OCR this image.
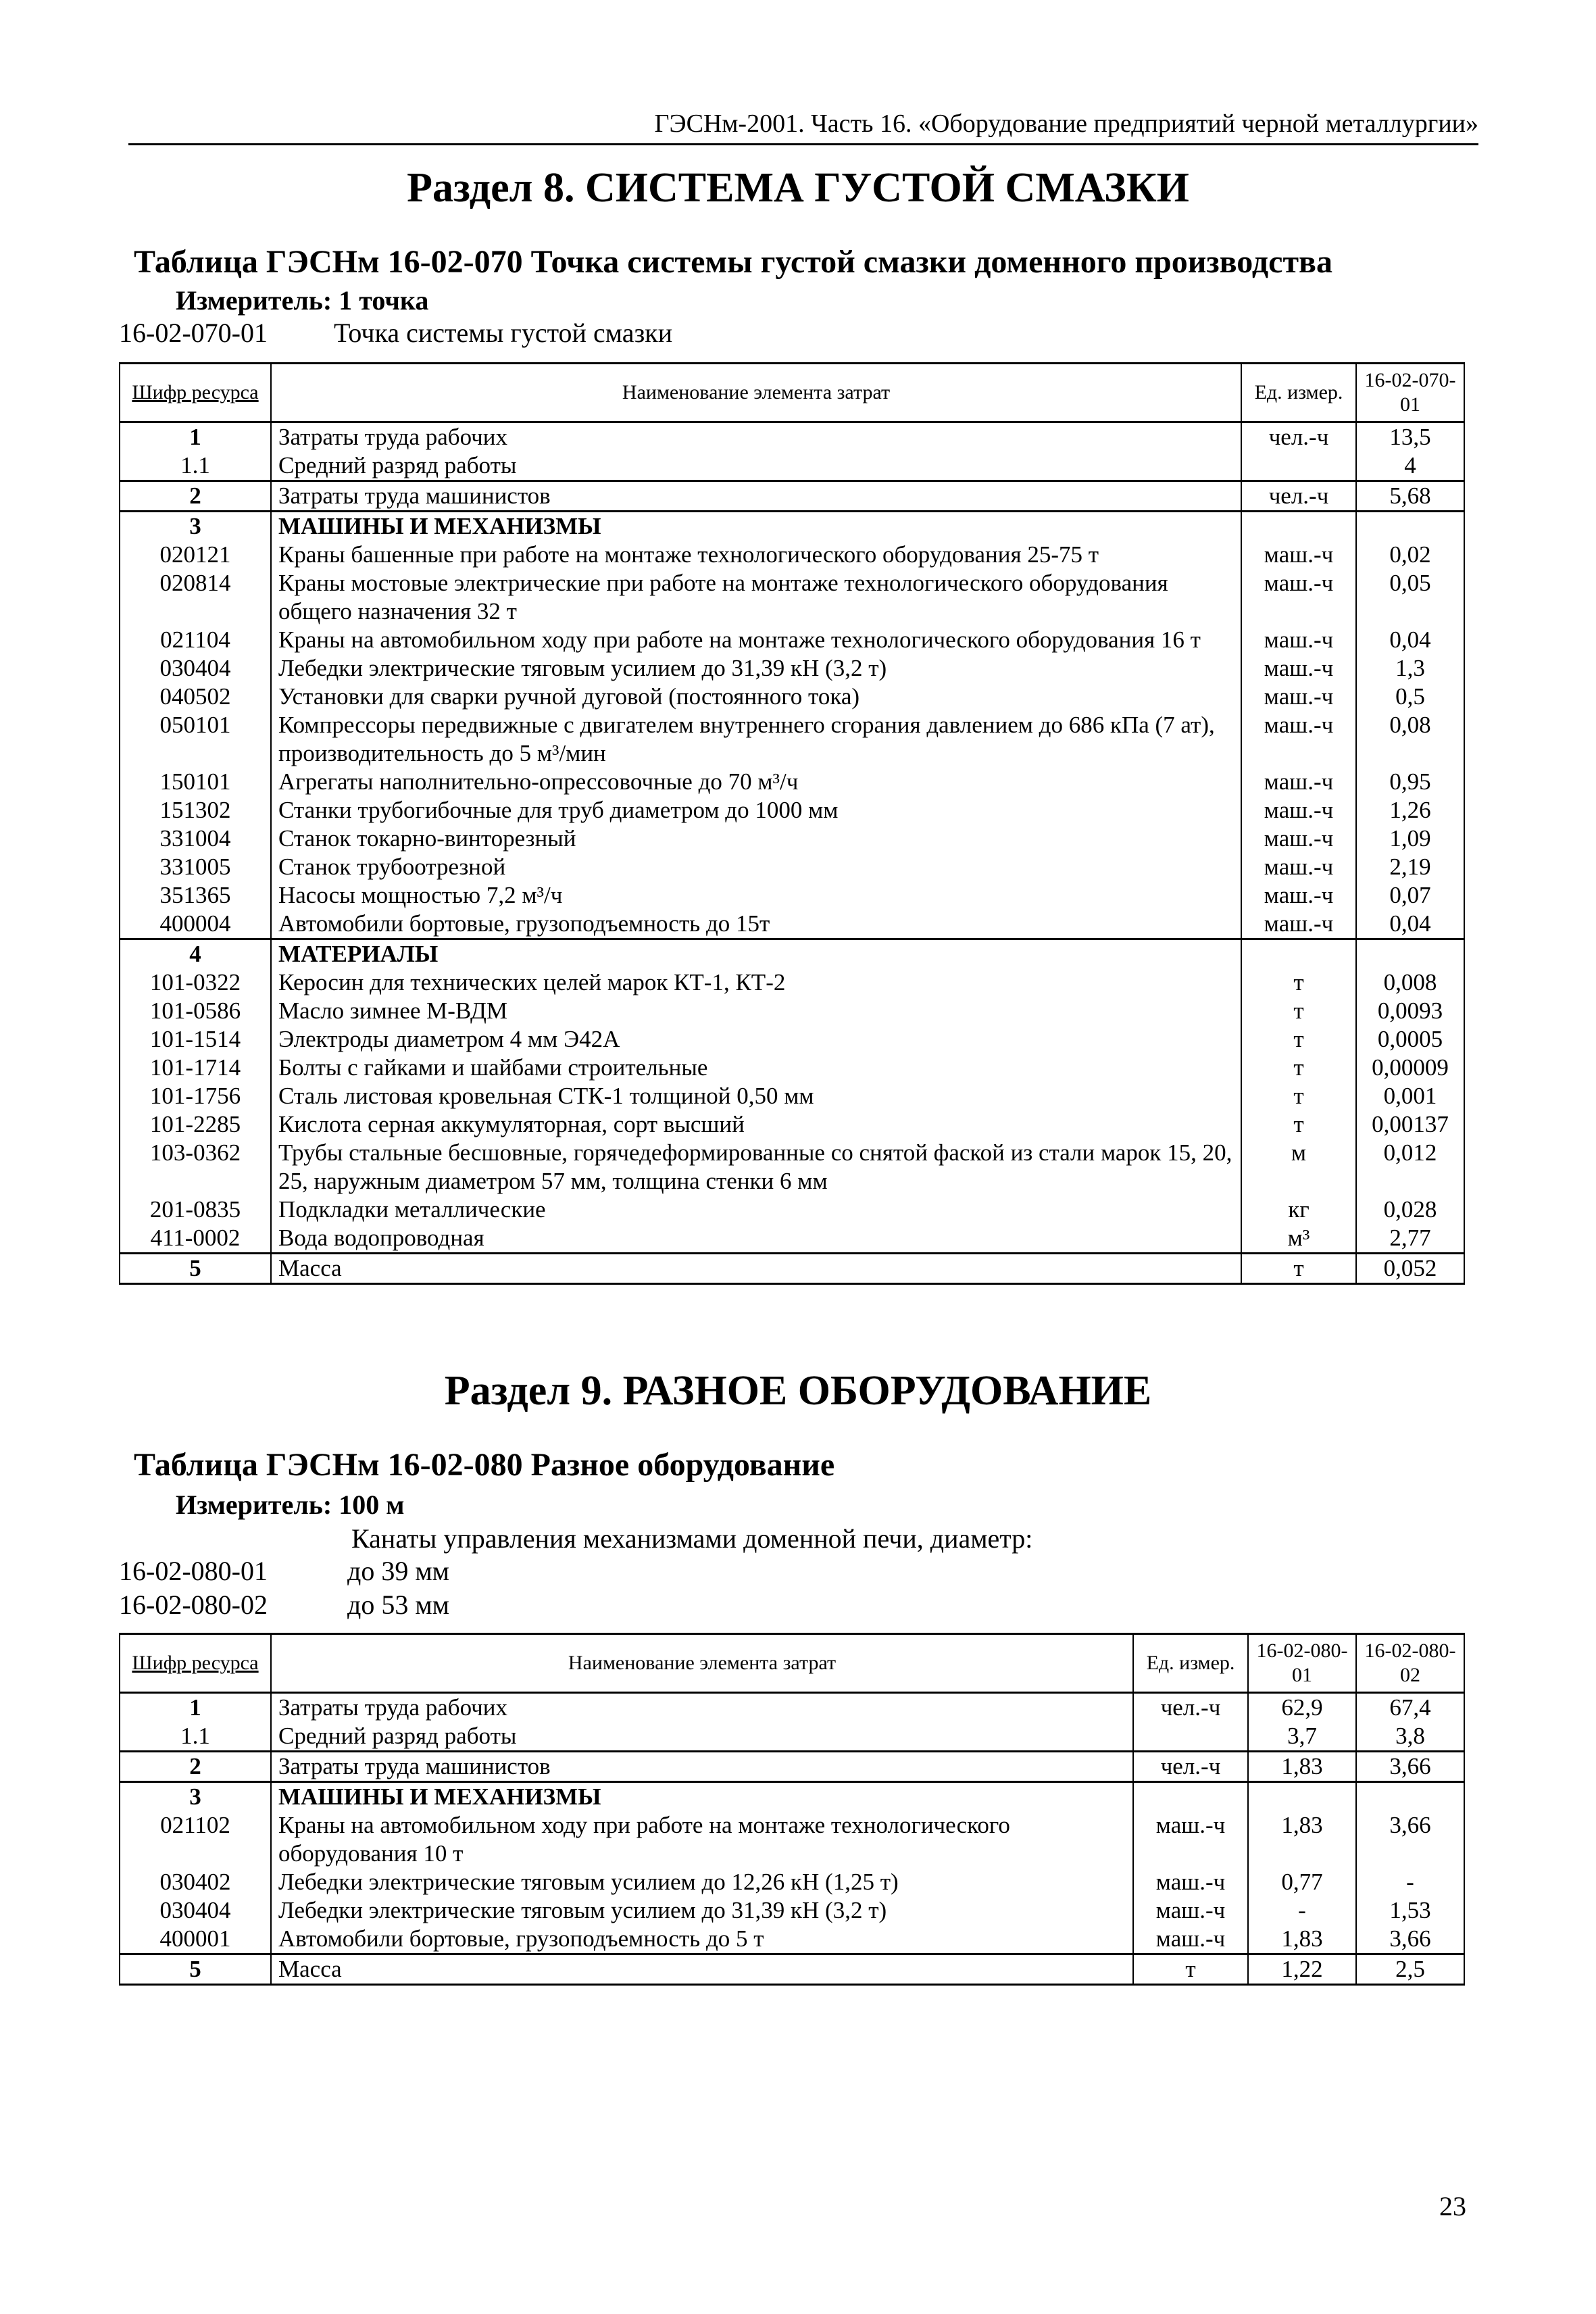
ГЭСНм-2001. Часть 16. «Оборудование предприятий черной металлургии»
Раздел 8. СИСТЕМА ГУСТОЙ СМАЗКИ
Таблица ГЭСНм 16-02-070 Точка системы густой смазки доменного производства
Измеритель: 1 точка
16-02-070-01 Точка системы густой смазки
Шифр ресурса	Наименование элемента затрат	Ед. измер.	16-02-070-01
1	Затраты труда рабочих	чел.-ч	13,5
1.1	Средний разряд работы		4
2	Затраты труда машинистов	чел.-ч	5,68
3	МАШИНЫ И МЕХАНИЗМЫ		
020121	Краны башенные при работе на монтаже технологического оборудования 25-75 т	маш.-ч	0,02
020814	Краны мостовые электрические при работе на монтаже технологического оборудования общего назначения 32 т	маш.-ч	0,05
021104	Краны на автомобильном ходу при работе на монтаже технологического оборудования 16 т	маш.-ч	0,04
030404	Лебедки электрические тяговым усилием до 31,39 кН (3,2 т)	маш.-ч	1,3
040502	Установки для сварки ручной дуговой (постоянного тока)	маш.-ч	0,5
050101	Компрессоры передвижные с двигателем внутреннего сгорания давлением до 686 кПа (7 ат), производительность до 5 м³/мин	маш.-ч	0,08
150101	Агрегаты наполнительно-опрессовочные до 70 м³/ч	маш.-ч	0,95
151302	Станки трубогибочные для труб диаметром до 1000 мм	маш.-ч	1,26
331004	Станок токарно-винторезный	маш.-ч	1,09
331005	Станок трубоотрезной	маш.-ч	2,19
351365	Насосы мощностью 7,2 м³/ч	маш.-ч	0,07
400004	Автомобили бортовые, грузоподъемность до 15т	маш.-ч	0,04
4	МАТЕРИАЛЫ		
101-0322	Керосин для технических целей марок КТ-1, КТ-2	т	0,008
101-0586	Масло зимнее М-ВДМ	т	0,0093
101-1514	Электроды диаметром 4 мм Э42А	т	0,0005
101-1714	Болты с гайками и шайбами строительные	т	0,00009
101-1756	Сталь листовая кровельная СТК-1 толщиной 0,50 мм	т	0,001
101-2285	Кислота серная аккумуляторная, сорт высший	т	0,00137
103-0362	Трубы стальные бесшовные, горячедеформированные со снятой фаской из стали марок 15, 20, 25, наружным диаметром 57 мм, толщина стенки 6 мм	м	0,012
201-0835	Подкладки металлические	кг	0,028
411-0002	Вода водопроводная	м³	2,77
5	Масса	т	0,052
Раздел 9. РАЗНОЕ ОБОРУДОВАНИЕ
Таблица ГЭСНм 16-02-080 Разное оборудование
Измеритель: 100 м
Канаты управления механизмами доменной печи, диаметр:
16-02-080-01	до 39 мм
16-02-080-02	до 53 мм
Шифр ресурса	Наименование элемента затрат	Ед. измер.	16-02-080-01	16-02-080-02
1	Затраты труда рабочих	чел.-ч	62,9	67,4
1.1	Средний разряд работы		3,7	3,8
2	Затраты труда машинистов	чел.-ч	1,83	3,66
3	МАШИНЫ И МЕХАНИЗМЫ			
021102	Краны на автомобильном ходу при работе на монтаже технологического оборудования 10 т	маш.-ч	1,83	3,66
030402	Лебедки электрические тяговым усилием до 12,26 кН (1,25 т)	маш.-ч	0,77	-
030404	Лебедки электрические тяговым усилием до 31,39 кН (3,2 т)	маш.-ч	-	1,53
400001	Автомобили бортовые, грузоподъемность до 5 т	маш.-ч	1,83	3,66
5	Масса	т	1,22	2,5
23
